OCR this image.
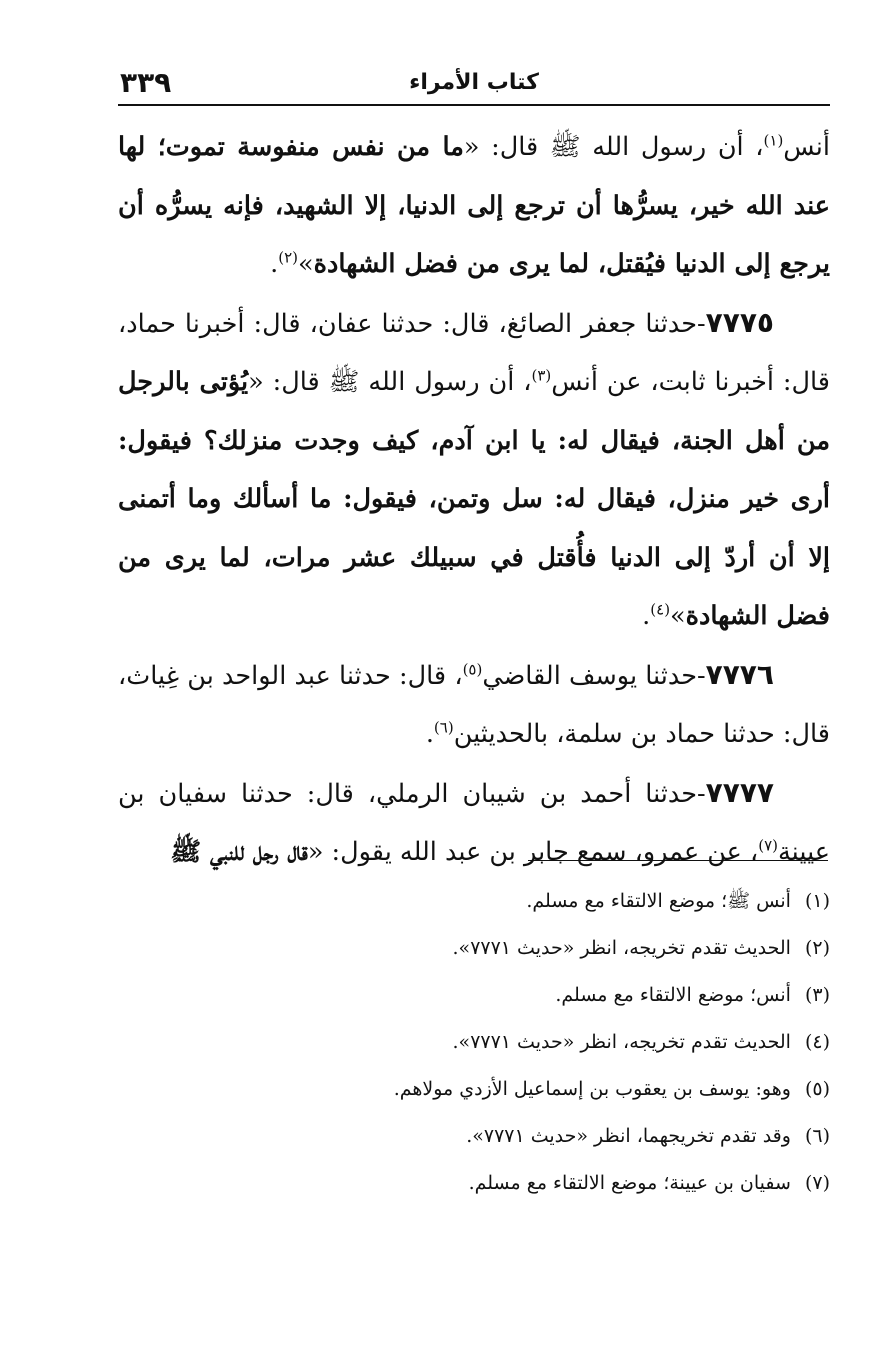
٣٣٩	كتاب الأمراء

أنس$^{(١)}$، أن رسول الله ﷺ قال: «ما من نفس منفوسة تموت؛ لها عند الله خير، يسرُّها أن ترجع إلى الدنيا، إلا الشهيد، فإنه يسرُّه أن يرجع إلى الدنيا فيُقتل، لما يرى من فضل الشهادة»$^{(٢)}$.

٧٧٧٥-حدثنا جعفر الصائغ، قال: حدثنا عفان، قال: أخبرنا حماد، قال: أخبرنا ثابت، عن أنس$^{(٣)}$، أن رسول الله ﷺ قال: «يُؤتى بالرجل من أهل الجنة، فيقال له: يا ابن آدم، كيف وجدت منزلك؟ فيقول: أرى خير منزل، فيقال له: سل وتمن، فيقول: ما أسألك وما أتمنى إلا أن أردّ إلى الدنيا فأُقتل في سبيلك عشر مرات، لما يرى من فضل الشهادة»$^{(٤)}$.

٧٧٧٦-حدثنا يوسف القاضي$^{(٥)}$، قال: حدثنا عبد الواحد بن غِياث، قال: حدثنا حماد بن سلمة، بالحديثين$^{(٦)}$.

٧٧٧٧-حدثنا أحمد بن شيبان الرملي، قال: حدثنا سفيان بن عيينة$^{(٧)}$، عن عمرو، سمع جابر بن عبد الله يقول: «قال رجل للنبي ﷺ

(١)أنس ﷺ؛ موضع الالتقاء مع مسلم.
(٢)الحديث تقدم تخريجه، انظر «حديث ٧٧٧١».
(٣)أنس؛ موضع الالتقاء مع مسلم.
(٤)الحديث تقدم تخريجه، انظر «حديث ٧٧٧١».
(٥)وهو: يوسف بن يعقوب بن إسماعيل الأزدي مولاهم.
(٦)وقد تقدم تخريجهما، انظر «حديث ٧٧٧١».
(٧)سفيان بن عيينة؛ موضع الالتقاء مع مسلم.
